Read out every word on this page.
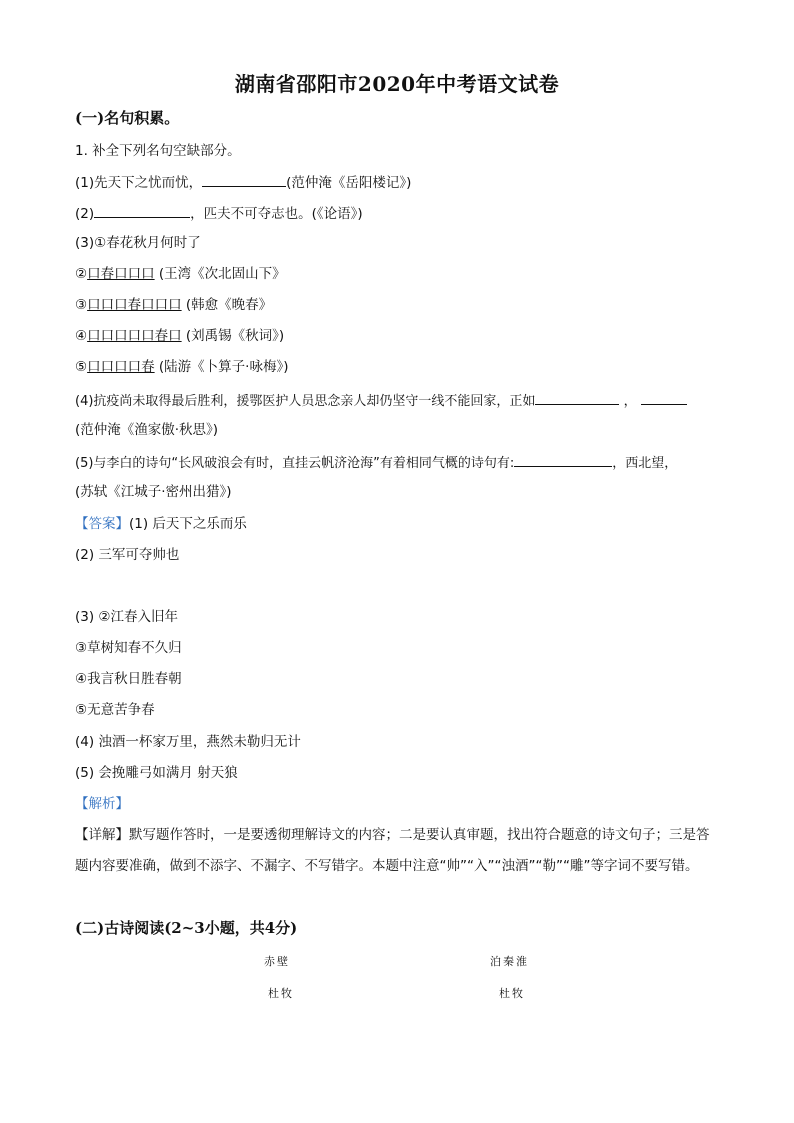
湖南省邵阳市2020年中考语文试卷
(一)名句积累。
1. 补全下列名句空缺部分。
(1)先天下之忧而忧，	(范仲淹《岳阳楼记》)
(2)	，匹夫不可夺志也。(《论语》)
(3)①春花秋月何时了
②口春口口口 (王湾《次北固山下》
③口口口春口口口 (韩愈《晚春》
④口口口口口春口 (刘禹锡《秋词》)
⑤口口口口春 (陆游《卜算子·咏梅》)
(4)抗疫尚未取得最后胜利，援鄂医护人员思念亲人却仍坚守一线不能回家，正如	，
(范仲淹《渔家傲·秋思》)
(5)与李白的诗句“长风破浪会有时，直挂云帆济沧海”有着相同气概的诗句有:	，西北望，
(苏轼《江城子·密州出猎》)
【答案】(1) 后天下之乐而乐
(2) 三军可夺帅也
(3) ②江春入旧年
③草树知春不久归
④我言秋日胜春朝
⑤无意苦争春
(4) 浊酒一杯家万里，燕然未勒归无计
(5) 会挽雕弓如满月 射天狼
【解析】
【详解】默写题作答时，一是要透彻理解诗文的内容；二是要认真审题，找出符合题意的诗文句子；三是答题内容要准确，做到不添字、不漏字、不写错字。本题中注意“帅”“入”“浊酒”“勒”“雕”等字词不要写错。
(二)古诗阅读(2~3小题，共4分)
赤壁	泊秦淮
杜牧	杜牧
